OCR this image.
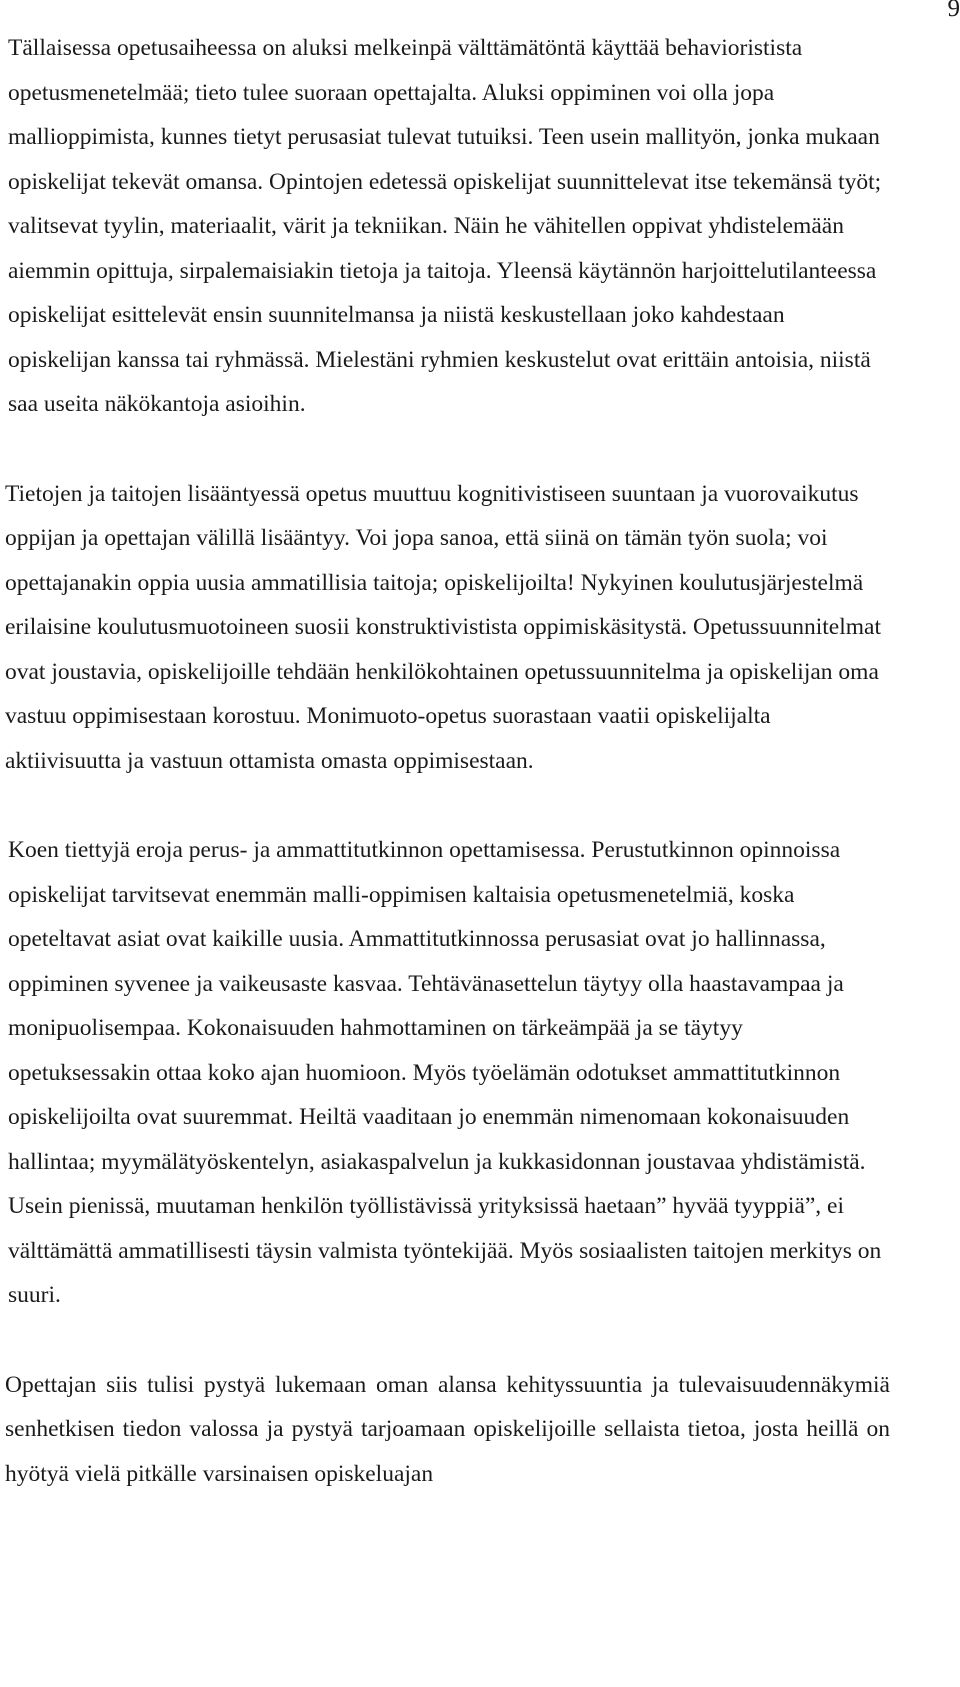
9

Tällaisessa opetusaiheessa on aluksi melkeinpä välttämätöntä käyttää behavioristista opetusmenetelmää; tieto tulee suoraan opettajalta. Aluksi oppiminen voi olla jopa mallioppimista, kunnes tietyt perusasiat tulevat tutuiksi. Teen usein mallityön, jonka mukaan opiskelijat tekevät omansa. Opintojen edetessä opiskelijat suunnittelevat itse tekemänsä työt; valitsevat tyylin, materiaalit, värit ja tekniikan. Näin he vähitellen oppivat yhdistelemään aiemmin opittuja, sirpalemaisiakin tietoja ja taitoja. Yleensä käytännön harjoittelutilanteessa opiskelijat esittelevät ensin suunnitelmansa ja niistä keskustellaan joko kahdestaan opiskelijan kanssa tai ryhmässä. Mielestäni ryhmien keskustelut ovat erittäin antoisia, niistä saa useita näkökantoja asioihin.

Tietojen ja taitojen lisääntyessä opetus muuttuu kognitivistiseen suuntaan ja vuorovaikutus oppijan ja opettajan välillä lisääntyy. Voi jopa sanoa, että siinä on tämän työn suola; voi opettajanakin oppia uusia ammatillisia taitoja; opiskelijoilta! Nykyinen koulutusjärjestelmä erilaisine koulutusmuotoineen suosii konstruktivistista oppimiskäsitystä. Opetussuunnitelmat ovat joustavia, opiskelijoille tehdään henkilökohtainen opetussuunnitelma ja opiskelijan oma vastuu oppimisestaan korostuu. Monimuoto-opetus suorastaan vaatii opiskelijalta aktiivisuutta ja vastuun ottamista omasta oppimisestaan.

Koen tiettyjä eroja perus- ja ammattitutkinnon opettamisessa. Perustutkinnon opinnoissa opiskelijat tarvitsevat enemmän malli-oppimisen kaltaisia opetusmenetelmiä, koska opeteltavat asiat ovat kaikille uusia. Ammattitutkinnossa perusasiat ovat jo hallinnassa, oppiminen syvenee ja vaikeusaste kasvaa. Tehtävänasettelun täytyy olla haastavampaa ja monipuolisempaa. Kokonaisuuden hahmottaminen on tärkeämpää ja se täytyy opetuksessakin ottaa koko ajan huomioon. Myös työelämän odotukset ammattitutkinnon opiskelijoilta ovat suuremmat. Heiltä vaaditaan jo enemmän nimenomaan kokonaisuuden hallintaa; myymälätyöskentelyn, asiakaspalvelun ja kukkasidonnan joustavaa yhdistämistä. Usein pienissä, muutaman henkilön työllistävissä yrityksissä haetaan” hyvää tyyppiä”, ei välttämättä ammatillisesti täysin valmista työntekijää. Myös sosiaalisten taitojen merkitys on suuri.

Opettajan siis tulisi pystyä lukemaan oman alansa kehityssuuntia ja tulevaisuudennäkymiä senhetkisen tiedon valossa ja pystyä tarjoamaan opiskelijoille sellaista tietoa, josta heillä on hyötyä vielä pitkälle varsinaisen opiskeluajan
